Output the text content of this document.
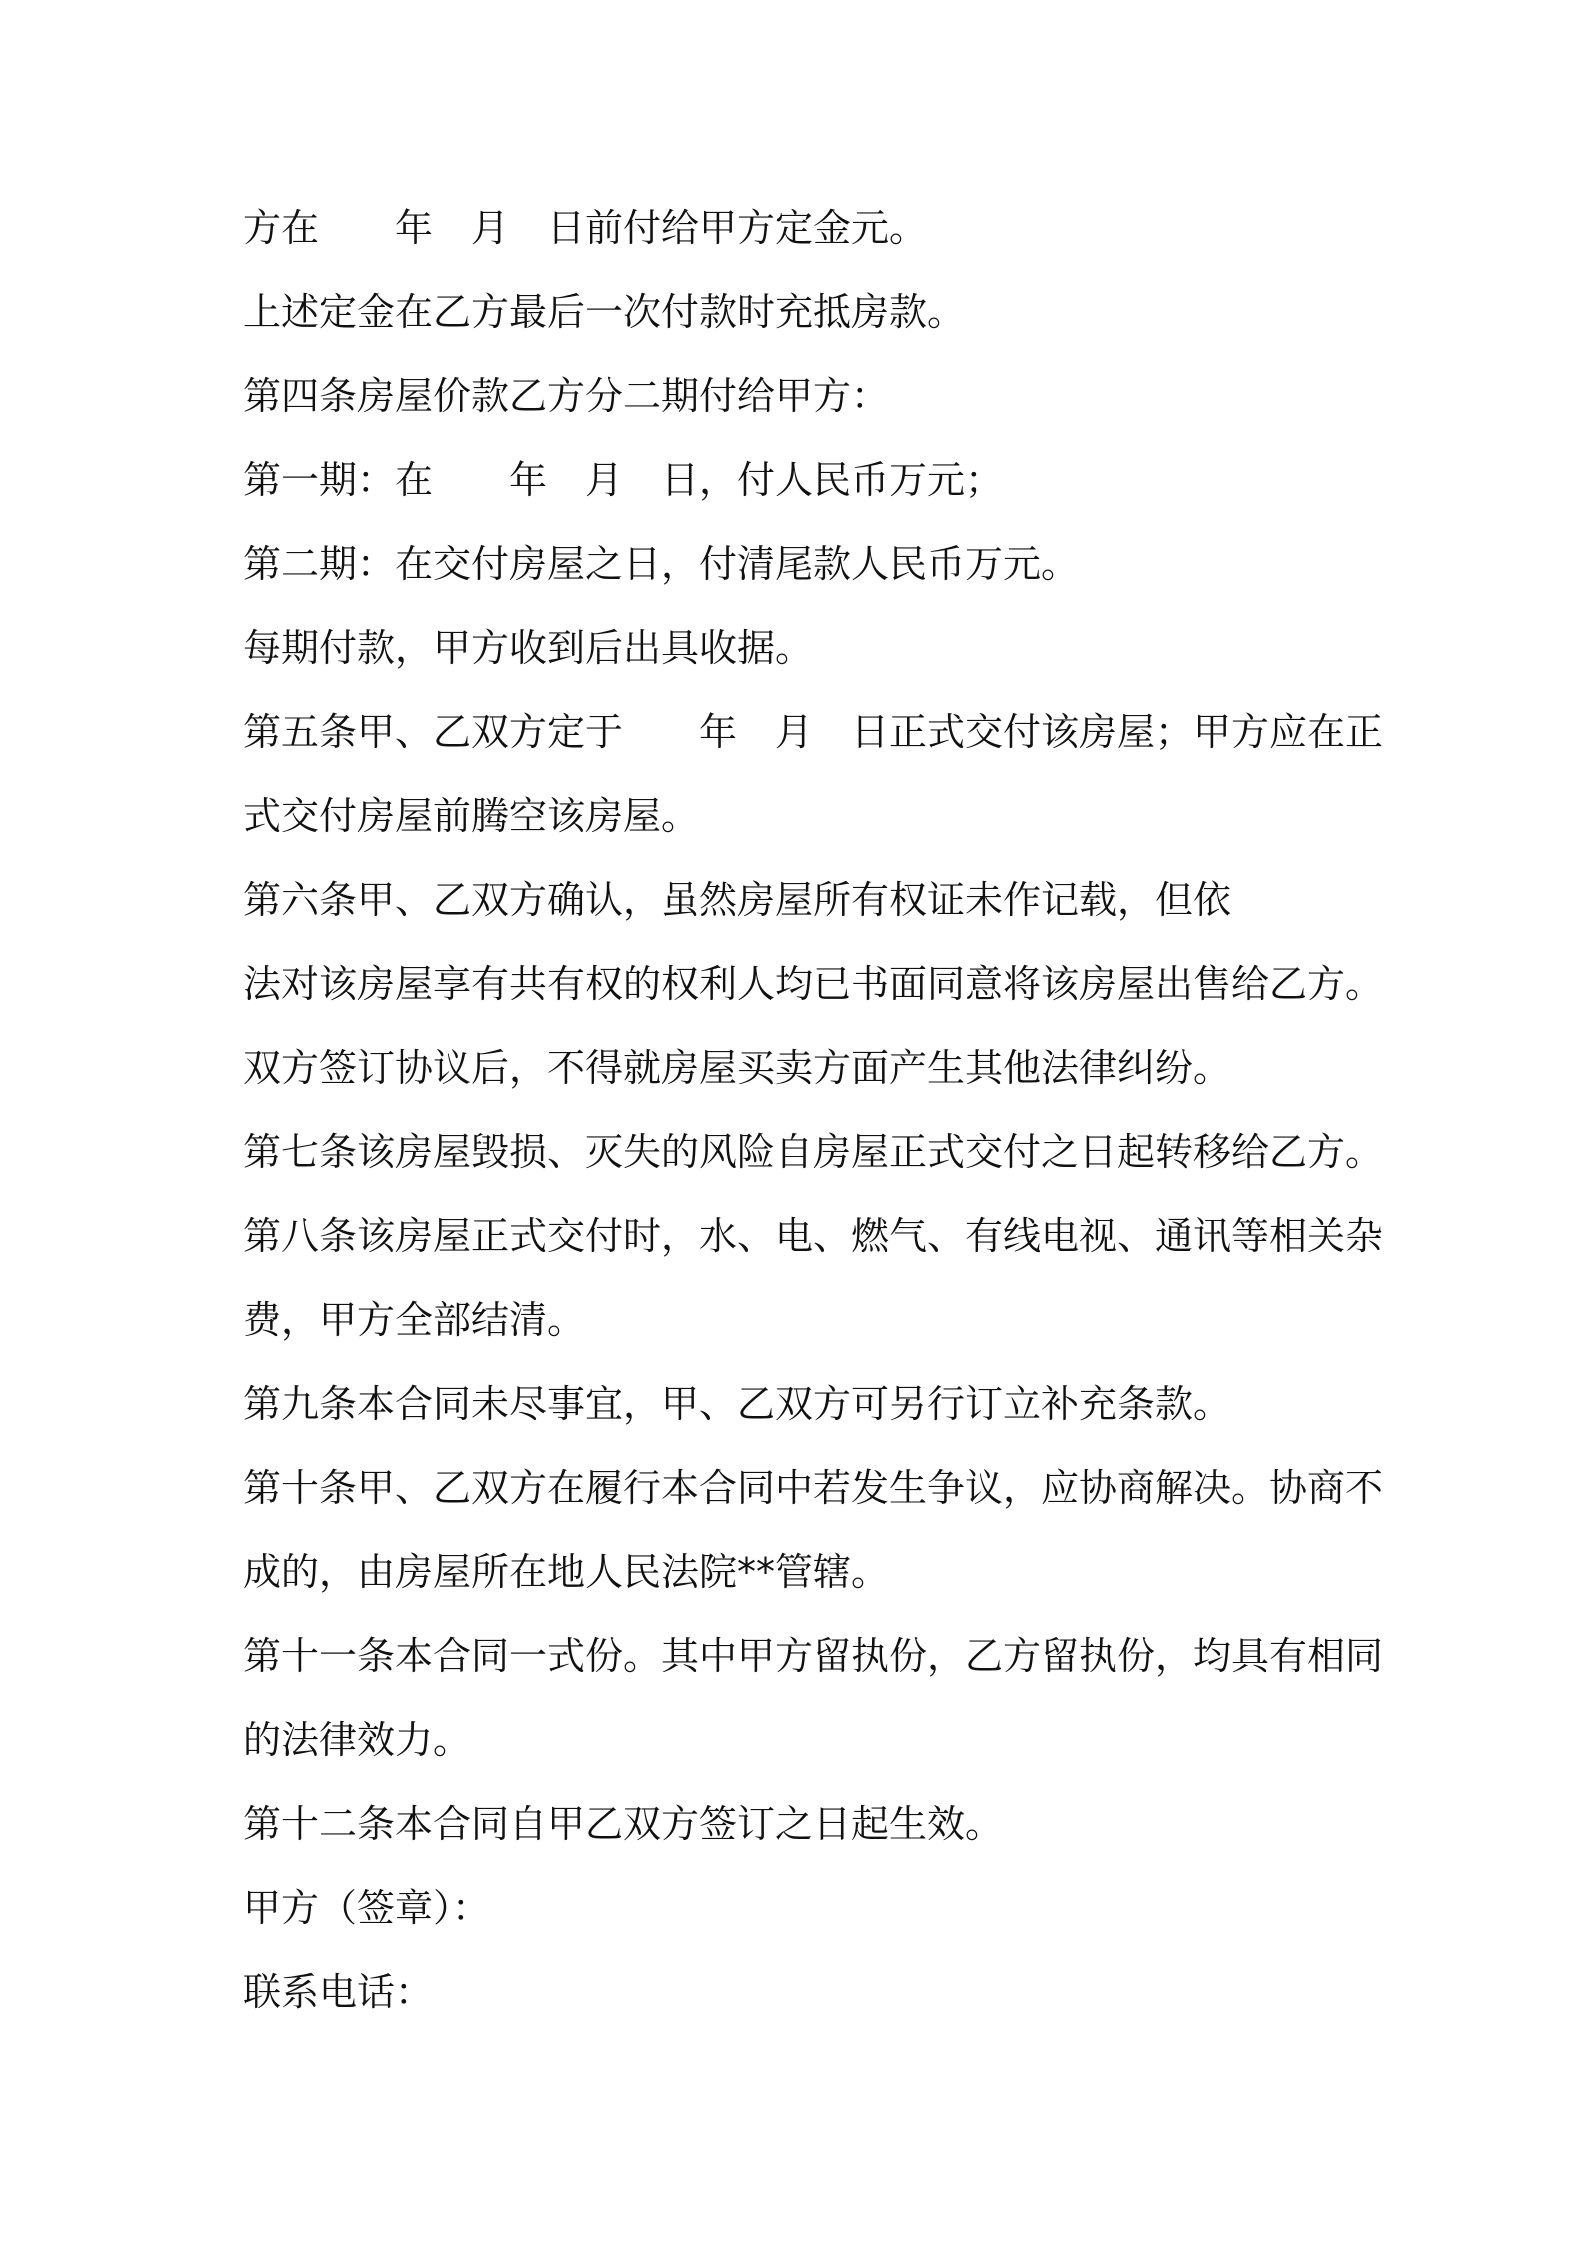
方在　　年　月　日前付给甲方定金元。
上述定金在乙方最后一次付款时充抵房款。
第四条房屋价款乙方分二期付给甲方：
第一期：在　　年　月　日，付人民币万元；
第二期：在交付房屋之日，付清尾款人民币万元。
每期付款，甲方收到后出具收据。
第五条甲、乙双方定于　　年　月　日正式交付该房屋；甲方应在正
式交付房屋前腾空该房屋。
第六条甲、乙双方确认，虽然房屋所有权证未作记载，但依
法对该房屋享有共有权的权利人均已书面同意将该房屋出售给乙方。
双方签订协议后，不得就房屋买卖方面产生其他法律纠纷。
第七条该房屋毁损、灭失的风险自房屋正式交付之日起转移给乙方。
第八条该房屋正式交付时，水、电、燃气、有线电视、通讯等相关杂
费，甲方全部结清。
第九条本合同未尽事宜，甲、乙双方可另行订立补充条款。
第十条甲、乙双方在履行本合同中若发生争议，应协商解决。协商不
成的，由房屋所在地人民法院**管辖。
第十一条本合同一式份。其中甲方留执份，乙方留执份，均具有相同
的法律效力。
第十二条本合同自甲乙双方签订之日起生效。
甲方（签章）：
联系电话：
